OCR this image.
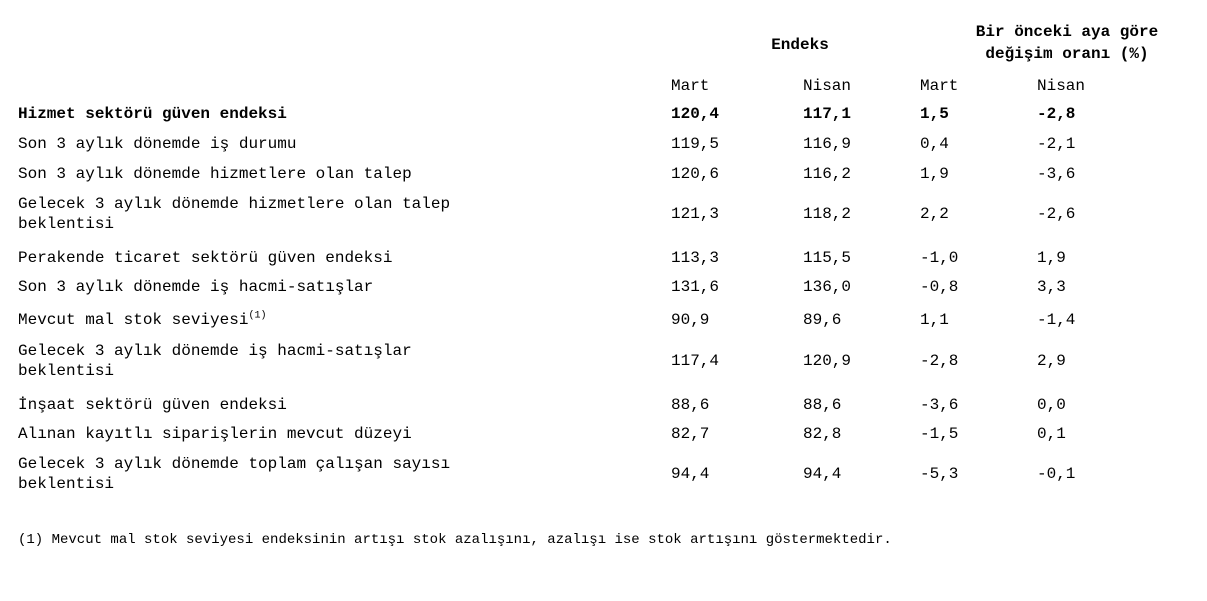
Endeks
Bir önceki aya göre
değişim oranı (%)
Mart	Nisan	Mart	Nisan
Hizmet sektörü güven endeksi	120,4	117,1	1,5	-2,8
Son 3 aylık dönemde iş durumu	119,5	116,9	0,4	-2,1
Son 3 aylık dönemde hizmetlere olan talep	120,6	116,2	1,9	-3,6
Gelecek 3 aylık dönemde hizmetlere olan talep
beklentisi
121,3	118,2	2,2	-2,6
Perakende ticaret sektörü güven endeksi	113,3	115,5	-1,0	1,9
Son 3 aylık dönemde iş hacmi-satışlar	131,6	136,0	-0,8	3,3
Mevcut mal stok seviyesi$^{(1)}$	90,9	89,6	1,1	-1,4
Gelecek 3 aylık dönemde iş hacmi-satışlar
beklentisi
117,4	120,9	-2,8	2,9
İnşaat sektörü güven endeksi	88,6	88,6	-3,6	0,0
Alınan kayıtlı siparişlerin mevcut düzeyi	82,7	82,8	-1,5	0,1
Gelecek 3 aylık dönemde toplam çalışan sayısı
beklentisi
94,4	94,4	-5,3	-0,1
(1) Mevcut mal stok seviyesi endeksinin artışı stok azalışını, azalışı ise stok artışını göstermektedir.
